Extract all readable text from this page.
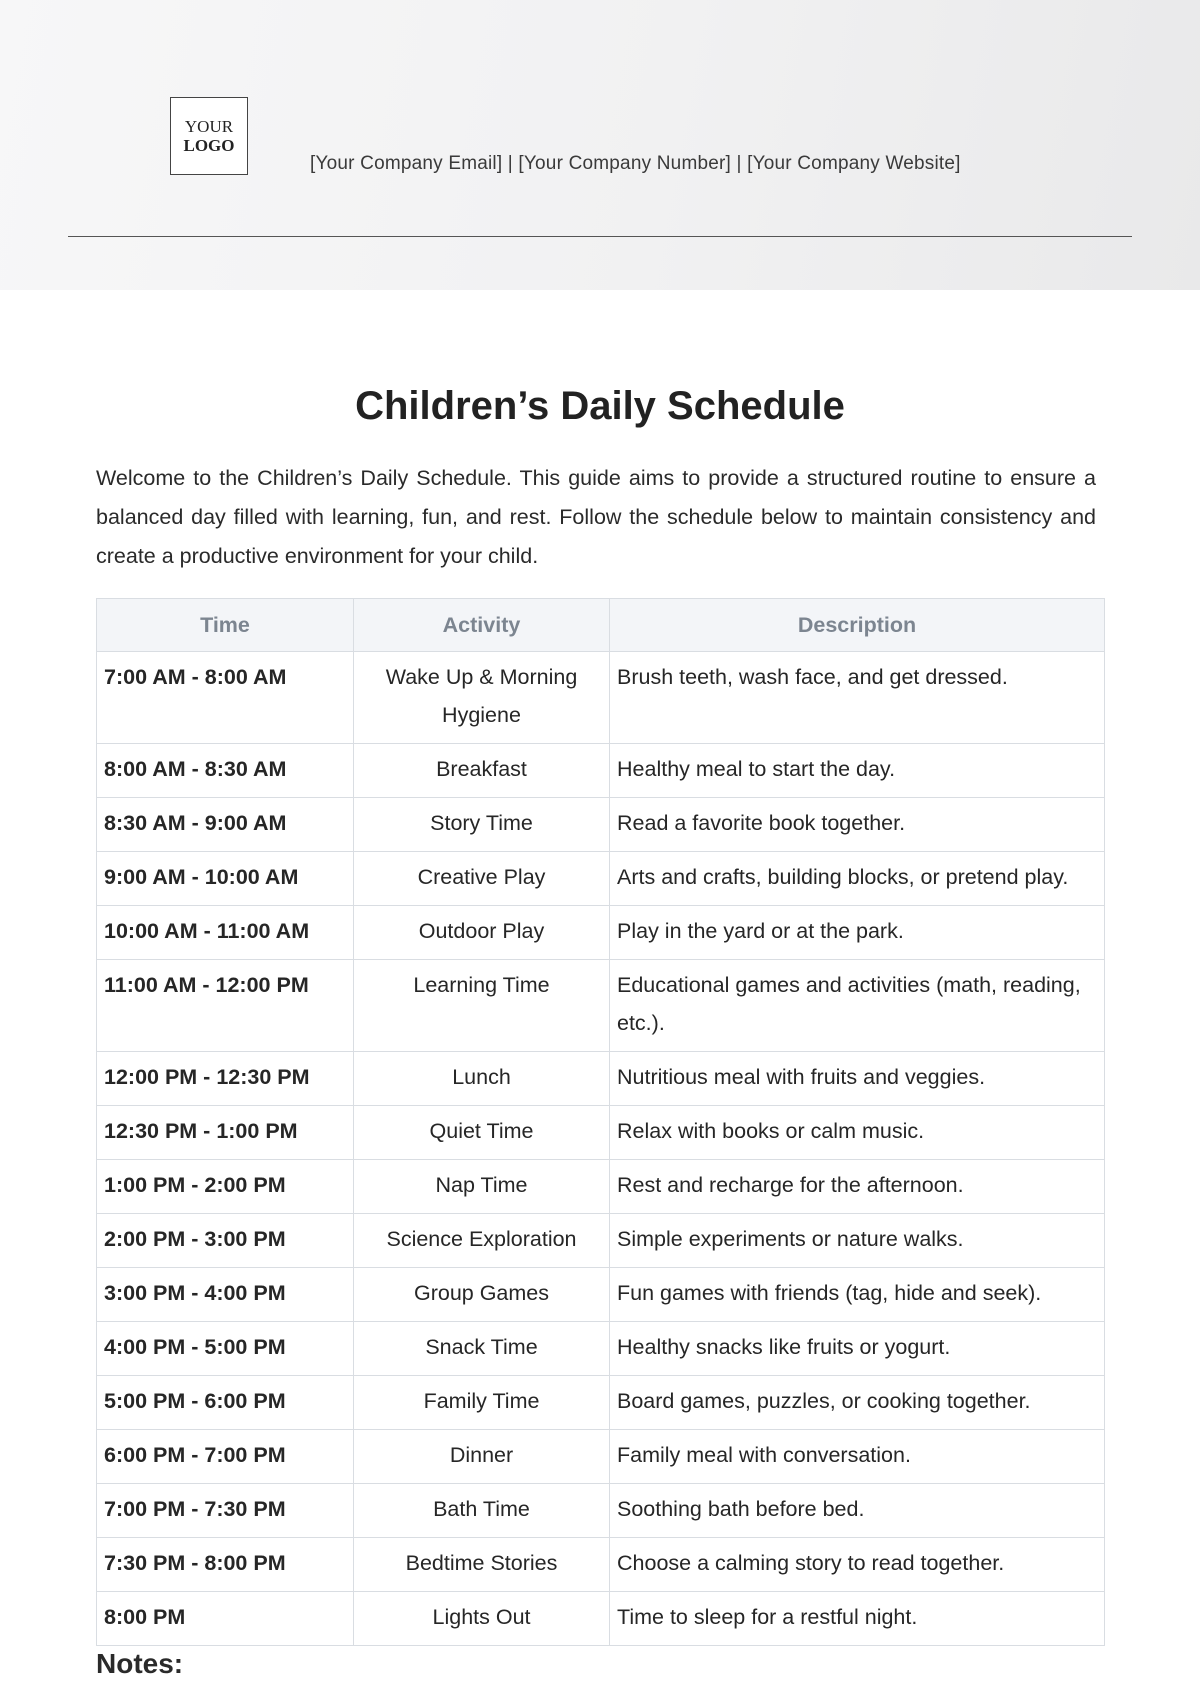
YOUR
LOGO
[Your Company Email] | [Your Company Number] | [Your Company Website]
Children’s Daily Schedule

Welcome to the Children’s Daily Schedule. This guide aims to provide a structured routine to ensure a balanced day filled with learning, fun, and rest. Follow the schedule below to maintain consistency and create a productive environment for your child.

Time	Activity	Description

7:00 AM - 8:00 AM	Wake Up & Morning Hygiene	Brush teeth, wash face, and get dressed.

8:00 AM - 8:30 AM	Breakfast	Healthy meal to start the day.

8:30 AM - 9:00 AM	Story Time	Read a favorite book together.

9:00 AM - 10:00 AM	Creative Play	Arts and crafts, building blocks, or pretend play.

10:00 AM - 11:00 AM	Outdoor Play	Play in the yard or at the park.

11:00 AM - 12:00 PM	Learning Time	Educational games and activities (math, reading, etc.).

12:00 PM - 12:30 PM	Lunch	Nutritious meal with fruits and veggies.

12:30 PM - 1:00 PM	Quiet Time	Relax with books or calm music.

1:00 PM - 2:00 PM	Nap Time	Rest and recharge for the afternoon.

2:00 PM - 3:00 PM	Science Exploration	Simple experiments or nature walks.

3:00 PM - 4:00 PM	Group Games	Fun games with friends (tag, hide and seek).

4:00 PM - 5:00 PM	Snack Time	Healthy snacks like fruits or yogurt.

5:00 PM - 6:00 PM	Family Time	Board games, puzzles, or cooking together.

6:00 PM - 7:00 PM	Dinner	Family meal with conversation.

7:00 PM - 7:30 PM	Bath Time	Soothing bath before bed.

7:30 PM - 8:00 PM	Bedtime Stories	Choose a calming story to read together.

8:00 PM	Lights Out	Time to sleep for a restful night.
Notes:
